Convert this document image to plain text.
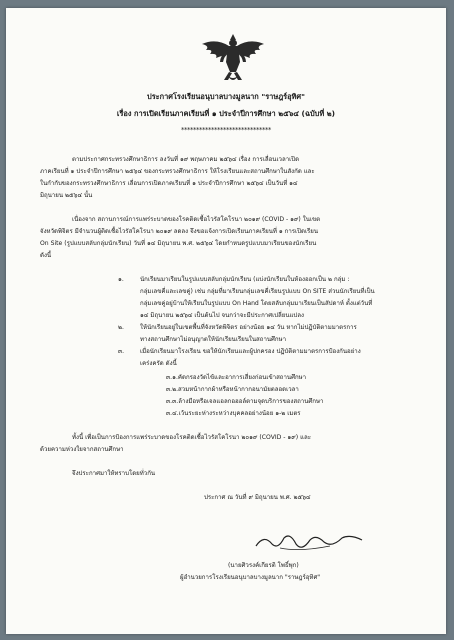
ประกาศโรงเรียนอนุบาลบางมูลนาก "ราษฎร์อุทิศ"
เรื่อง การเปิดเรียนภาคเรียนที่ ๑ ประจำปีการศึกษา ๒๕๖๔ (ฉบับที่ ๒)
******************************
ตามประกาศกระทรวงศึกษาธิการ ลงวันที่ ๑๙ พฤษภาคม ๒๕๖๔ เรื่อง การเลื่อนเวลาเปิด
ภาคเรียนที่ ๑ ประจำปีการศึกษา ๒๕๖๔ ของกระทรวงศึกษาธิการ ให้โรงเรียนและสถานศึกษาในสังกัด และ
ในกำกับของกระทรวงศึกษาธิการ เลื่อนการเปิดภาคเรียนที่ ๑ ประจำปีการศึกษา ๒๕๖๔ เป็นวันที่ ๑๔
มิถุนายน ๒๕๖๔ นั้น
เนื่องจาก สถานการณ์การแพร่ระบาดของโรคติดเชื้อไวรัสโคโรนา ๒๐๑๙ (COVID - ๑๙) ในเขต
จังหวัดพิจิตร มีจำนวนผู้ติดเชื้อไวรัสโคโรนา ๒๐๑๙ ลดลง จึงขอแจ้งการเปิดเรียนภาคเรียนที่ ๑ การเปิดเรียน
On Site (รูปแบบสลับกลุ่มนักเรียน) วันที่ ๑๔ มิถุนายน พ.ศ. ๒๕๖๔ โดยกำหนดรูปแบบมาเรียนของนักเรียน
ดังนี้
๑.	นักเรียนมาเรียนในรูปแบบสลับกลุ่มนักเรียน (แบ่งนักเรียนในห้องออกเป็น ๒ กลุ่ม :
กลุ่มเลขคี่และเลขคู่) เช่น กลุ่มที่มาเรียนกลุ่มเลขคี่เรียนรูปแบบ On SITE ส่วนนักเรียนที่เป็น
กลุ่มเลขคู่อยู่บ้านให้เรียนในรูปแบบ On Hand โดยสลับกลุ่มมาเรียนเป็นสัปดาห์ ตั้งแต่วันที่
๑๔ มิถุนายน ๒๕๖๔ เป็นต้นไป จนกว่าจะมีประกาศเปลี่ยนแปลง
๒.	ให้นักเรียนอยู่ในเขตพื้นที่จังหวัดพิจิตร อย่างน้อย ๑๔ วัน หากไม่ปฏิบัติตามมาตรการ
ทางสถานศึกษาไม่อนุญาตให้นักเรียนเรียนในสถานศึกษา
๓.	เมื่อนักเรียนมาโรงเรียน ขอให้นักเรียนและผู้ปกครอง ปฏิบัติตามมาตรการป้องกันอย่าง
เคร่งครัด ดังนี้
๓.๑.คัดกรองวัดไข้และอาการเสี่ยงก่อนเข้าสถานศึกษา
๓.๒.สวมหน้ากากผ้าหรือหน้ากากอนามัยตลอดเวลา
๓.๓.ล้างมือหรือเจลแอลกอฮอล์ตามจุดบริการของสถานศึกษา
๓.๔.เว้นระยะห่างระหว่างบุคคลอย่างน้อย ๑-๒ เมตร
ทั้งนี้ เพื่อเป็นการป้องการแพร่ระบาดของโรคติดเชื้อไวรัสโคโรนา ๒๐๑๙ (COVID - ๑๙) และ
ด้วยความห่วงใยจากสถานศึกษา
จึงประกาศมาให้ทราบโดยทั่วกัน
ประกาศ ณ วันที่ ๙ มิถุนายน พ.ศ. ๒๕๖๔
(นายศิวรงค์เกียรติ โพธิ์พุก)
ผู้อำนวยการโรงเรียนอนุบาลบางมูลนาก "ราษฎร์อุทิศ"
